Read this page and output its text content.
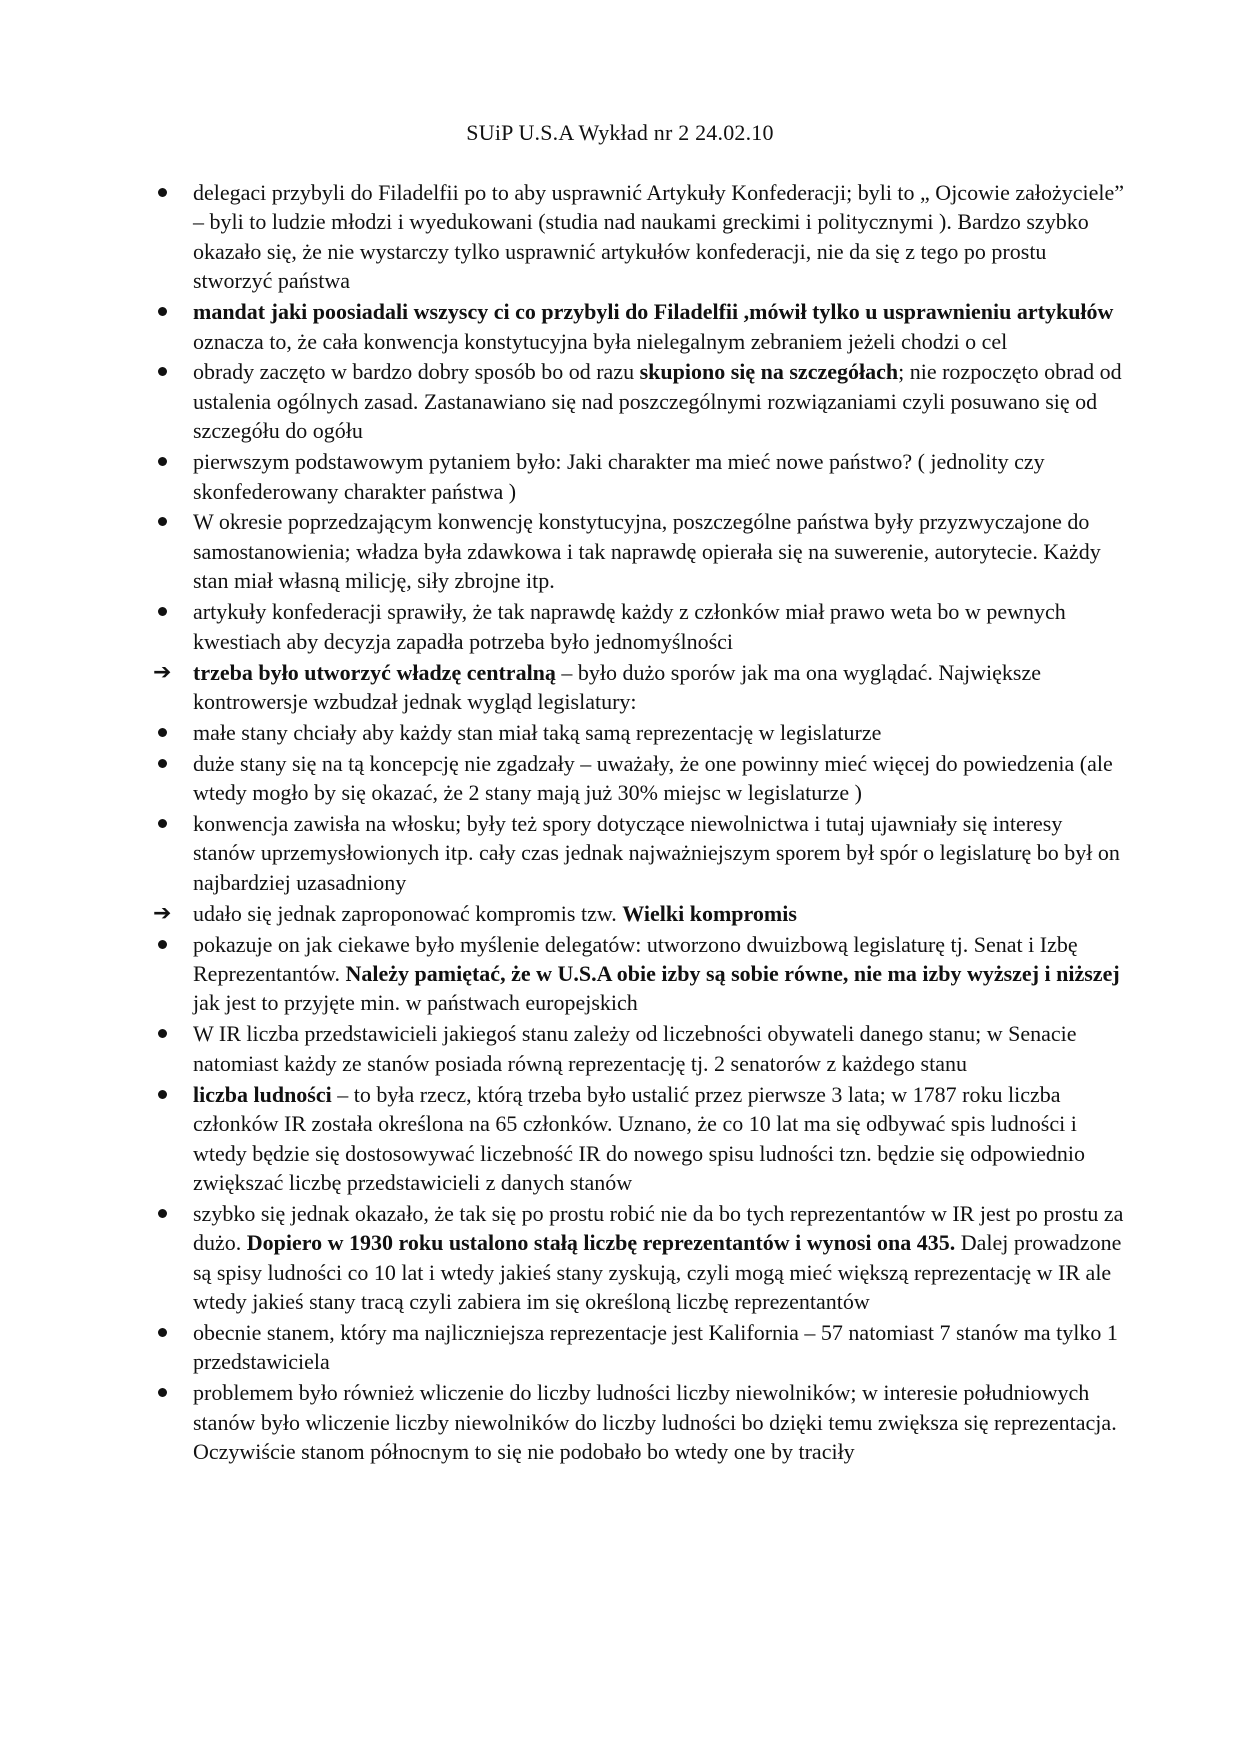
SUiP U.S.A Wykład nr 2 24.02.10
delegaci przybyli do Filadelfii po to aby usprawnić Artykuły Konfederacji; byli to „ Ojcowie założyciele” – byli to ludzie młodzi i wyedukowani (studia nad naukami greckimi i politycznymi ). Bardzo szybko okazało się, że nie wystarczy tylko usprawnić artykułów konfederacji, nie da się z tego po prostu stworzyć państwa
mandat jaki poosiadali wszyscy ci co przybyli do Filadelfii ,mówił tylko u usprawnieniu artykułów oznacza to, że cała konwencja konstytucyjna była nielegalnym zebraniem jeżeli chodzi o cel
obrady zaczęto w bardzo dobry sposób bo od razu skupiono się na szczegółach; nie rozpoczęto obrad od ustalenia ogólnych zasad. Zastanawiano się nad poszczególnymi rozwiązaniami czyli posuwano się od szczegółu do ogółu
pierwszym podstawowym pytaniem było: Jaki charakter ma mieć nowe państwo? ( jednolity czy skonfederowany charakter państwa )
W okresie poprzedzającym konwencję konstytucyjna, poszczególne państwa były przyzwyczajone do samostanowienia; władza była zdawkowa i tak naprawdę opierała się na suwerenie, autorytecie. Każdy stan miał własną milicję, siły zbrojne itp.
artykuły konfederacji sprawiły, że tak naprawdę każdy z członków miał prawo weta bo w pewnych kwestiach aby decyzja zapadła potrzeba było jednomyślności
➔ trzeba było utworzyć władzę centralną – było dużo sporów jak ma ona wyglądać. Największe kontrowersje wzbudzał jednak wygląd legislatury:
małe stany chciały aby każdy stan miał taką samą reprezentację w legislaturze
duże stany się na tą koncepcję nie zgadzały – uważały, że one powinny mieć więcej do powiedzenia (ale wtedy mogło by się okazać, że 2 stany mają już 30% miejsc w legislaturze )
konwencja zawisła na włosku; były też spory dotyczące niewolnictwa i tutaj ujawniały się interesy stanów uprzemysłowionych itp. cały czas jednak najważniejszym sporem był spór o legislaturę bo był on najbardziej uzasadniony
➔ udało się jednak zaproponować kompromis tzw. Wielki kompromis
pokazuje on jak ciekawe było myślenie delegatów: utworzono dwuizbową legislaturę tj. Senat i Izbę Reprezentantów. Należy pamiętać, że w U.S.A obie izby są sobie równe, nie ma izby wyższej i niższej jak jest to przyjęte min. w państwach europejskich
W IR liczba przedstawicieli jakiegoś stanu zależy od liczebności obywateli danego stanu; w Senacie natomiast każdy ze stanów posiada równą reprezentację tj. 2 senatorów z każdego stanu
liczba ludności – to była rzecz, którą trzeba było ustalić przez pierwsze 3 lata; w 1787 roku liczba członków IR została określona na 65 członków. Uznano, że co 10 lat ma się odbywać spis ludności i wtedy będzie się dostosowywać liczebność IR do nowego spisu ludności tzn. będzie się odpowiednio zwiększać liczbę przedstawicieli z danych stanów
szybko się jednak okazało, że tak się po prostu robić nie da bo tych reprezentantów w IR jest po prostu za dużo. Dopiero w 1930 roku ustalono stałą liczbę reprezentantów i wynosi ona 435. Dalej prowadzone są spisy ludności co 10 lat i wtedy jakieś stany zyskują, czyli mogą mieć większą reprezentację w IR ale wtedy jakieś stany tracą czyli zabiera im się określoną liczbę reprezentantów
obecnie stanem, który ma najliczniejsza reprezentacje jest Kalifornia – 57 natomiast 7 stanów ma tylko 1 przedstawiciela
problemem było również wliczenie do liczby ludności liczby niewolników; w interesie południowych stanów było wliczenie liczby niewolników do liczby ludności bo dzięki temu zwiększa się reprezentacja. Oczywiście stanom północnym to się nie podobało bo wtedy one by traciły
